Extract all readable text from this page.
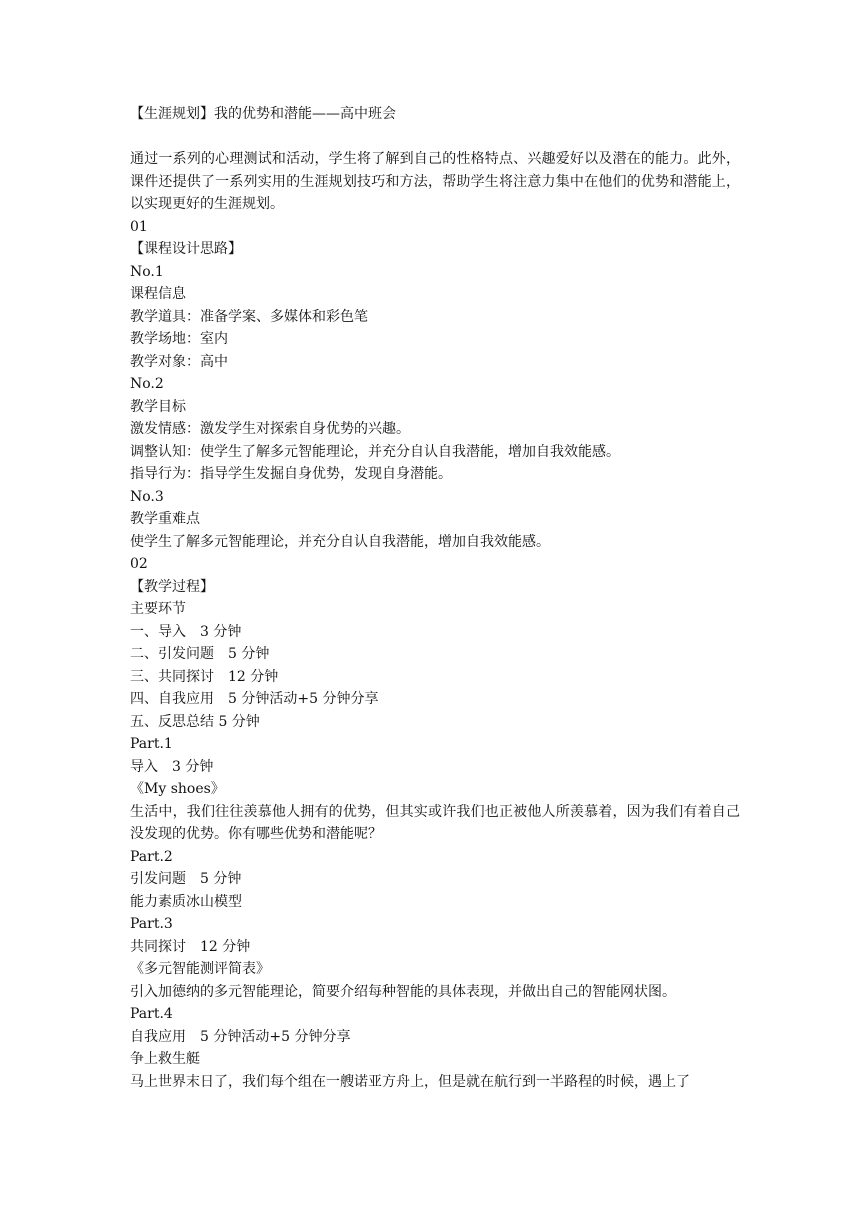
【生涯规划】我的优势和潜能——高中班会

通过一系列的心理测试和活动，学生将了解到自己的性格特点、兴趣爱好以及潜在的能力。此外，课件还提供了一系列实用的生涯规划技巧和方法，帮助学生将注意力集中在他们的优势和潜能上，以实现更好的生涯规划。

01

【课程设计思路】

No.1

课程信息

教学道具：准备学案、多媒体和彩色笔

教学场地：室内

教学对象：高中

No.2

教学目标

激发情感：激发学生对探索自身优势的兴趣。

调整认知：使学生了解多元智能理论，并充分自认自我潜能，增加自我效能感。

指导行为：指导学生发掘自身优势，发现自身潜能。

No.3

教学重难点

使学生了解多元智能理论，并充分自认自我潜能，增加自我效能感。

02

【教学过程】

主要环节

一、导入　3 分钟

二、引发问题　5 分钟

三、共同探讨　12 分钟

四、自我应用　5 分钟活动+5 分钟分享

五、反思总结 5 分钟

Part.1

导入　3 分钟

《My shoes》

生活中，我们往往羡慕他人拥有的优势，但其实或许我们也正被他人所羡慕着，因为我们有着自己没发现的优势。你有哪些优势和潜能呢？

Part.2

引发问题　5 分钟

能力素质冰山模型

Part.3

共同探讨　12 分钟

《多元智能测评简表》

引入加德纳的多元智能理论，简要介绍每种智能的具体表现，并做出自己的智能网状图。

Part.4

自我应用　5 分钟活动+5 分钟分享

争上救生艇

马上世界末日了，我们每个组在一艘诺亚方舟上，但是就在航行到一半路程的时候，遇上了
